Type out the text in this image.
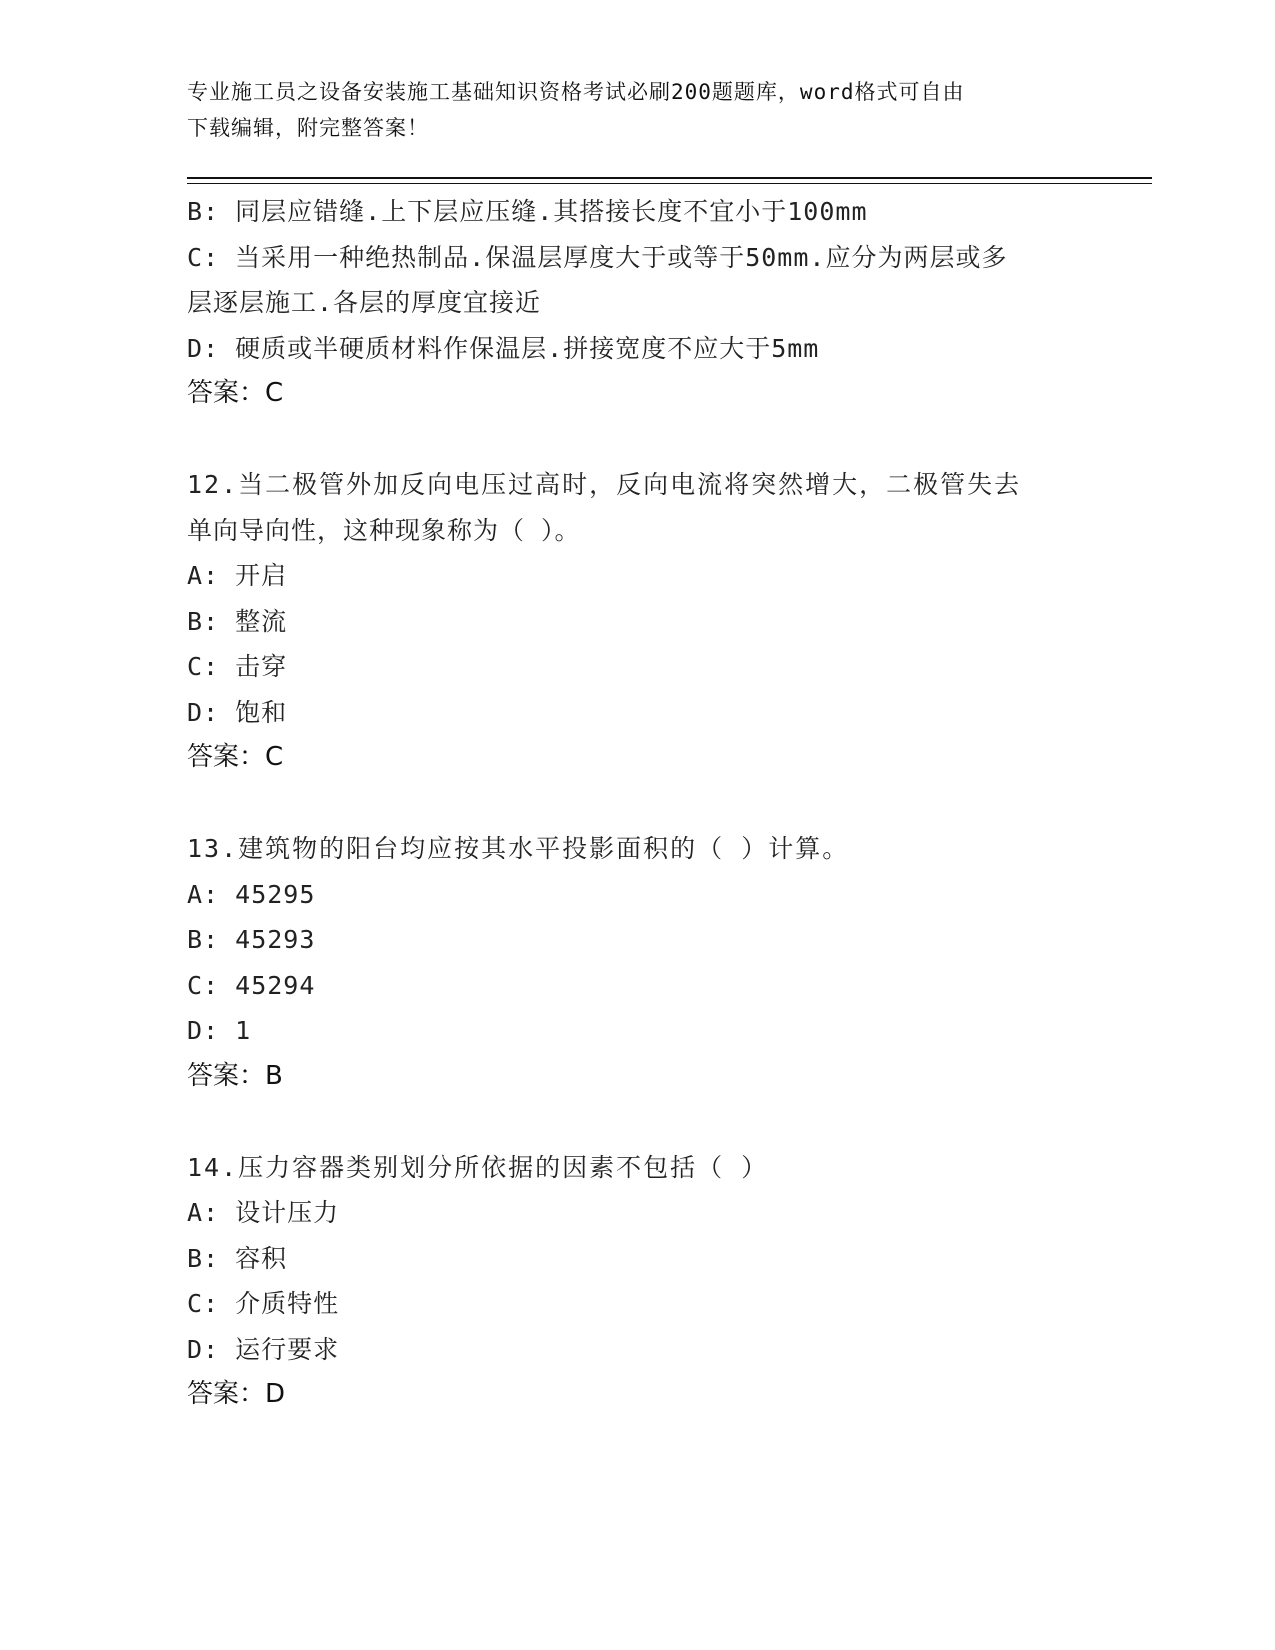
专业施工员之设备安装施工基础知识资格考试必刷200题题库，word格式可自由
下载编辑，附完整答案！
B: 同层应错缝.上下层应压缝.其搭接长度不宜小于100mm
C: 当采用一种绝热制品.保温层厚度大于或等于50mm.应分为两层或多
层逐层施工.各层的厚度宜接近
D: 硬质或半硬质材料作保温层.拼接宽度不应大于5mm
答案：C
12.当二极管外加反向电压过高时，反向电流将突然增大，二极管失去
单向导向性，这种现象称为（ ）。
A: 开启
B: 整流
C: 击穿
D: 饱和
答案：C
13.建筑物的阳台均应按其水平投影面积的（ ）计算。
A: 45295
B: 45293
C: 45294
D: 1
答案：B
14.压力容器类别划分所依据的因素不包括（ ）
A: 设计压力
B: 容积
C: 介质特性
D: 运行要求
答案：D
